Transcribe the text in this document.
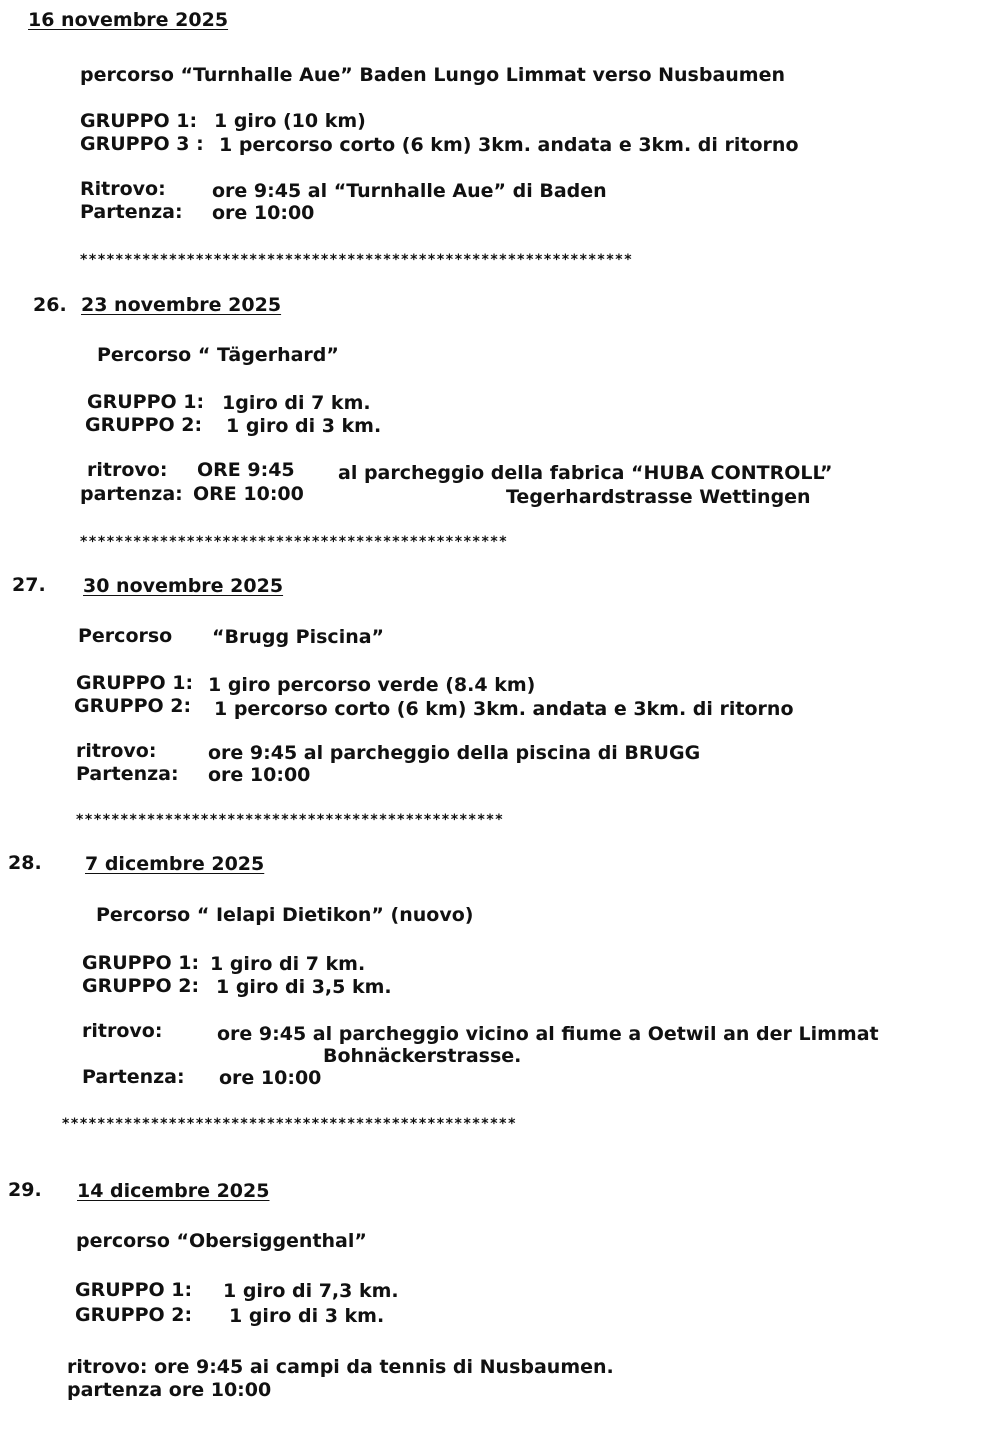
16 novembre 2025
percorso “Turnhalle Aue” Baden Lungo Limmat verso Nusbaumen
GRUPPO 1: 1 giro (10 km)
GRUPPO 3 : 1 percorso corto (6 km) 3km. andata e 3km. di ritorno
Ritrovo: ore 9:45 al “Turnhalle Aue” di Baden
Partenza: ore 10:00
**************************************************************
26. 23 novembre 2025
Percorso “ Tägerhard”
GRUPPO 1: 1giro di 7 km.
GRUPPO 2: 1 giro di 3 km.
ritrovo: ORE 9:45 al parcheggio della fabrica “HUBA CONTROLL”
partenza: ORE 10:00	Tegerhardstrasse Wettingen
************************************************
27. 30 novembre 2025
Percorso “Brugg Piscina”
GRUPPO 1: 1 giro percorso verde (8.4 km)
GRUPPO 2: 1 percorso corto (6 km) 3km. andata e 3km. di ritorno
ritrovo:	ore 9:45 al parcheggio della piscina di BRUGG
Partenza: ore 10:00
************************************************
28. 7 dicembre 2025
Percorso “ Ielapi Dietikon” (nuovo)
GRUPPO 1: 1 giro di 7 km.
GRUPPO 2: 1 giro di 3,5 km.
ritrovo:	ore 9:45 al parcheggio vicino al fiume a Oetwil an der Limmat
Bohnäckerstrasse.
Partenza: ore 10:00
***************************************************
29. 14 dicembre 2025
percorso “Obersiggenthal”
GRUPPO 1: 1 giro di 7,3 km.
GRUPPO 2: 1 giro di 3 km.
ritrovo: ore 9:45 ai campi da tennis di Nusbaumen.
partenza ore 10:00
